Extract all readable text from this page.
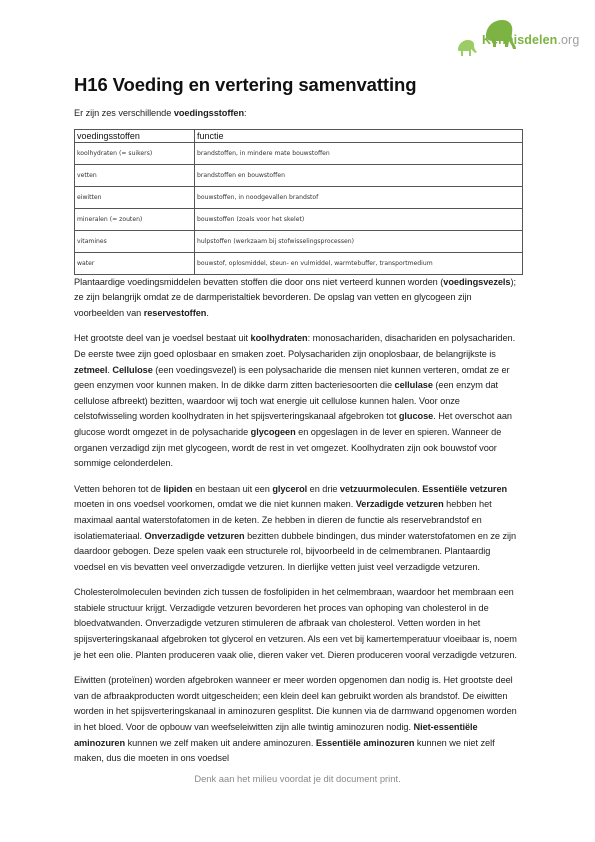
Kennisdelen.org
H16 Voeding en vertering samenvatting

Er zijn zes verschillende voedingsstoffen:

voedingsstoffen	functie
koolhydraten (= suikers)	brandstoffen, in mindere mate bouwstoffen
vetten	brandstoffen en bouwstoffen
eiwitten	bouwstoffen, in noodgevallen brandstof
mineralen (= zouten)	bouwstoffen (zoals voor het skelet)
vitamines	hulpstoffen (werkzaam bij stofwisselingsprocessen)
water	bouwstof, oplosmiddel, steun- en vulmiddel, warmtebuffer, transportmedium

Plantaardige voedingsmiddelen bevatten stoffen die door ons niet verteerd kunnen worden (voedingsvezels); ze zijn belangrijk omdat ze de darmperistaltiek bevorderen. De opslag van vetten en glycogeen zijn voorbeelden van reservestoffen.

Het grootste deel van je voedsel bestaat uit koolhydraten: monosachariden, disachariden en polysachariden. De eerste twee zijn goed oplosbaar en smaken zoet. Polysachariden zijn onoplosbaar, de belangrijkste is zetmeel. Cellulose (een voedingsvezel) is een polysacharide die mensen niet kunnen verteren, omdat ze er geen enzymen voor kunnen maken. In de dikke darm zitten bacteriesoorten die cellulase (een enzym dat cellulose afbreekt) bezitten, waardoor wij toch wat energie uit cellulose kunnen halen. Voor onze celstofwisseling worden koolhydraten in het spijsverteringskanaal afgebroken tot glucose. Het overschot aan glucose wordt omgezet in de polysacharide glycogeen en opgeslagen in de lever en spieren. Wanneer de organen verzadigd zijn met glycogeen, wordt de rest in vet omgezet. Koolhydraten zijn ook bouwstof voor sommige celonderdelen.

Vetten behoren tot de lipiden en bestaan uit een glycerol en drie vetzuurmoleculen. Essentiële vetzuren moeten in ons voedsel voorkomen, omdat we die niet kunnen maken. Verzadigde vetzuren hebben het maximaal aantal waterstofatomen in de keten. Ze hebben in dieren de functie als reservebrandstof en isolatiemateriaal. Onverzadigde vetzuren bezitten dubbele bindingen, dus minder waterstofatomen en ze zijn daardoor gebogen. Deze spelen vaak een structurele rol, bijvoorbeeld in de celmembranen. Plantaardig voedsel en vis bevatten veel onverzadigde vetzuren. In dierlijke vetten juist veel verzadigde vetzuren.

Cholesterolmoleculen bevinden zich tussen de fosfolipiden in het celmembraan, waardoor het membraan een stabiele structuur krijgt. Verzadigde vetzuren bevorderen het proces van ophoping van cholesterol in de bloedvatwanden. Onverzadigde vetzuren stimuleren de afbraak van cholesterol. Vetten worden in het spijsverteringskanaal afgebroken tot glycerol en vetzuren. Als een vet bij kamertemperatuur vloeibaar is, noem je het een olie. Planten produceren vaak olie, dieren vaker vet. Dieren produceren vooral verzadigde vetzuren.

Eiwitten (proteïnen) worden afgebroken wanneer er meer worden opgenomen dan nodig is. Het grootste deel van de afbraakproducten wordt uitgescheiden; een klein deel kan gebruikt worden als brandstof. De eiwitten worden in het spijsverteringskanaal in aminozuren gesplitst. Die kunnen via de darmwand opgenomen worden in het bloed. Voor de opbouw van weefseleiwitten zijn alle twintig aminozuren nodig. Niet-essentiële aminozuren kunnen we zelf maken uit andere aminozuren. Essentiële aminozuren kunnen we niet zelf maken, dus die moeten in ons voedsel

Denk aan het milieu voordat je dit document print.
